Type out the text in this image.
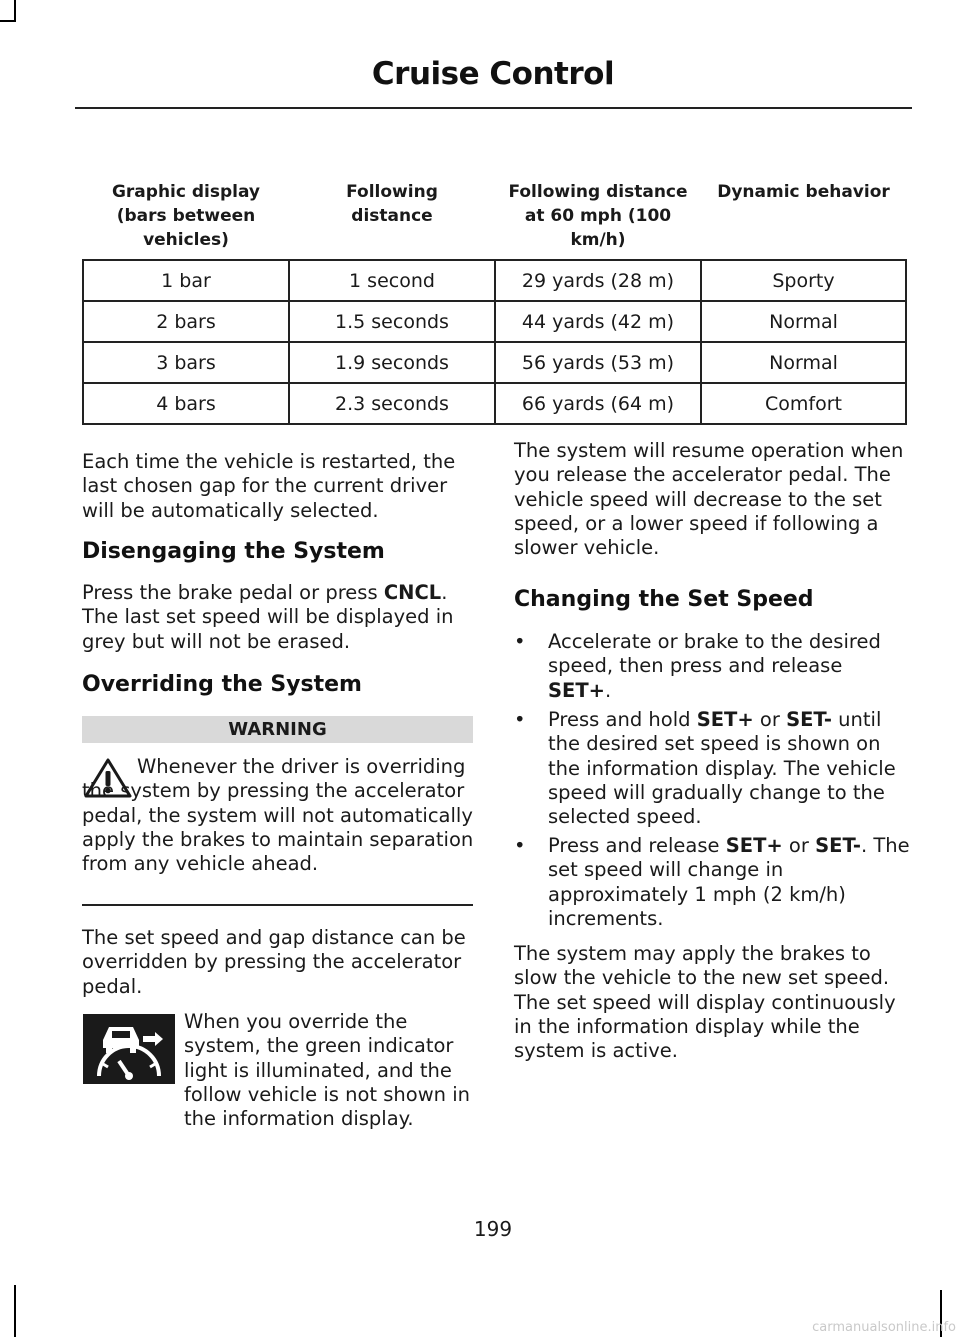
Cruise Control
Graphic display (bars between vehicles)	Following distance	Following distance at 60 mph (100 km/h)	Dynamic behavior
1 bar	1 second	29 yards (28 m)	Sporty
2 bars	1.5 seconds	44 yards (42 m)	Normal
3 bars	1.9 seconds	56 yards (53 m)	Normal
4 bars	2.3 seconds	66 yards (64 m)	Comfort

Each time the vehicle is restarted, the last chosen gap for the current driver will be automatically selected.

Disengaging the System

Press the brake pedal or press CNCL. The last set speed will be displayed in grey but will not be erased.

Overriding the System
WARNING

Whenever the driver is overriding the system by pressing the accelerator pedal, the system will not automatically apply the brakes to maintain separation from any vehicle ahead.

The set speed and gap distance can be overridden by pressing the accelerator pedal.

When you override the system, the green indicator light is illuminated, and the follow vehicle is not shown in the information display.

The system will resume operation when you release the accelerator pedal. The vehicle speed will decrease to the set speed, or a lower speed if following a slower vehicle.

Changing the Set Speed
• Accelerate or brake to the desired speed, then press and release SET+.
• Press and hold SET+ or SET- until the desired set speed is shown on the information display. The vehicle speed will gradually change to the selected speed.
• Press and release SET+ or SET-. The set speed will change in approximately 1 mph (2 km/h) increments.

The system may apply the brakes to slow the vehicle to the new set speed. The set speed will display continuously in the information display while the system is active.

199
carmanualsonline.info
